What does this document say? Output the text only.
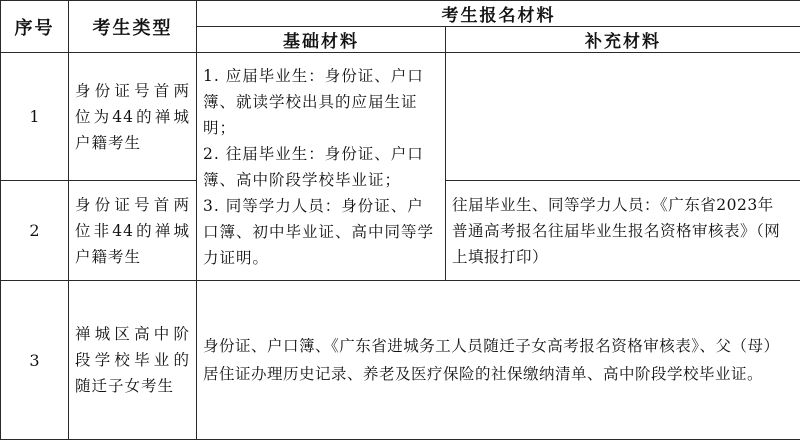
序号	考生类型	考生报名材料	
		基础材料	补充材料
1	身份证号首两位为44的禅城户籍考生	1. 应届毕业生：身份证、户口簿、就读学校出具的应届生证明；
2. 往届毕业生：身份证、户口簿、高中阶段学校毕业证；
3. 同等学力人员：身份证、户口簿、初中毕业证、高中同等学力证明。	

2	身份证号首两位非44的禅城户籍考生		往届毕业生、同等学力人员：《广东省2023年普通高考报名往届毕业生报名资格审核表》（网上填报打印）
3	禅城区高中阶段学校毕业的随迁子女考生	身份证、户口簿、《广东省进城务工人员随迁子女高考报名资格审核表》、父（母）居住证办理历史记录、养老及医疗保险的社保缴纳清单、高中阶段学校毕业证。	
